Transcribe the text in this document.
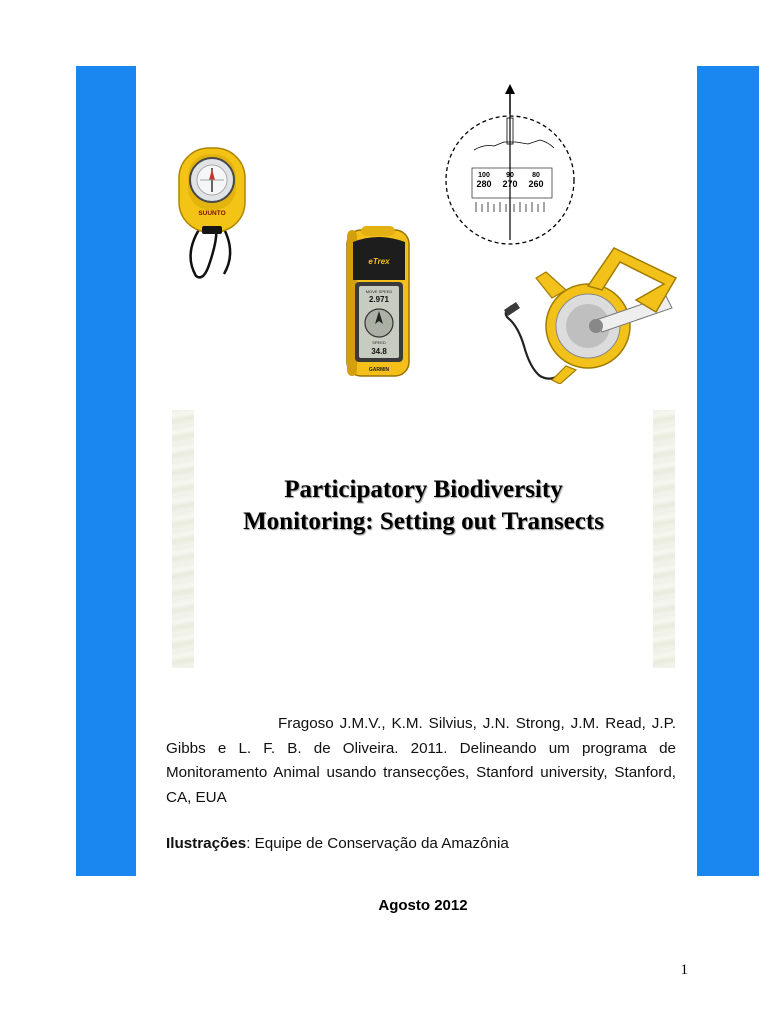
SUUNTO
eTrex
MOVE SPEED
2.971
SPEED
34.8
GARMIN
100 90	80
280 270 260
Participatory Biodiversity
Monitoring: Setting out Transects

Fragoso J.M.V., K.M. Silvius, J.N. Strong, J.M. Read, J.P. Gibbs e L. F. B. de Oliveira. 2011. Delineando um programa de Monitoramento Animal usando transecções, Stanford university, Stanford, CA, EUA

Ilustrações: Equipe de Conservação da Amazônia

Agosto 2012
1
